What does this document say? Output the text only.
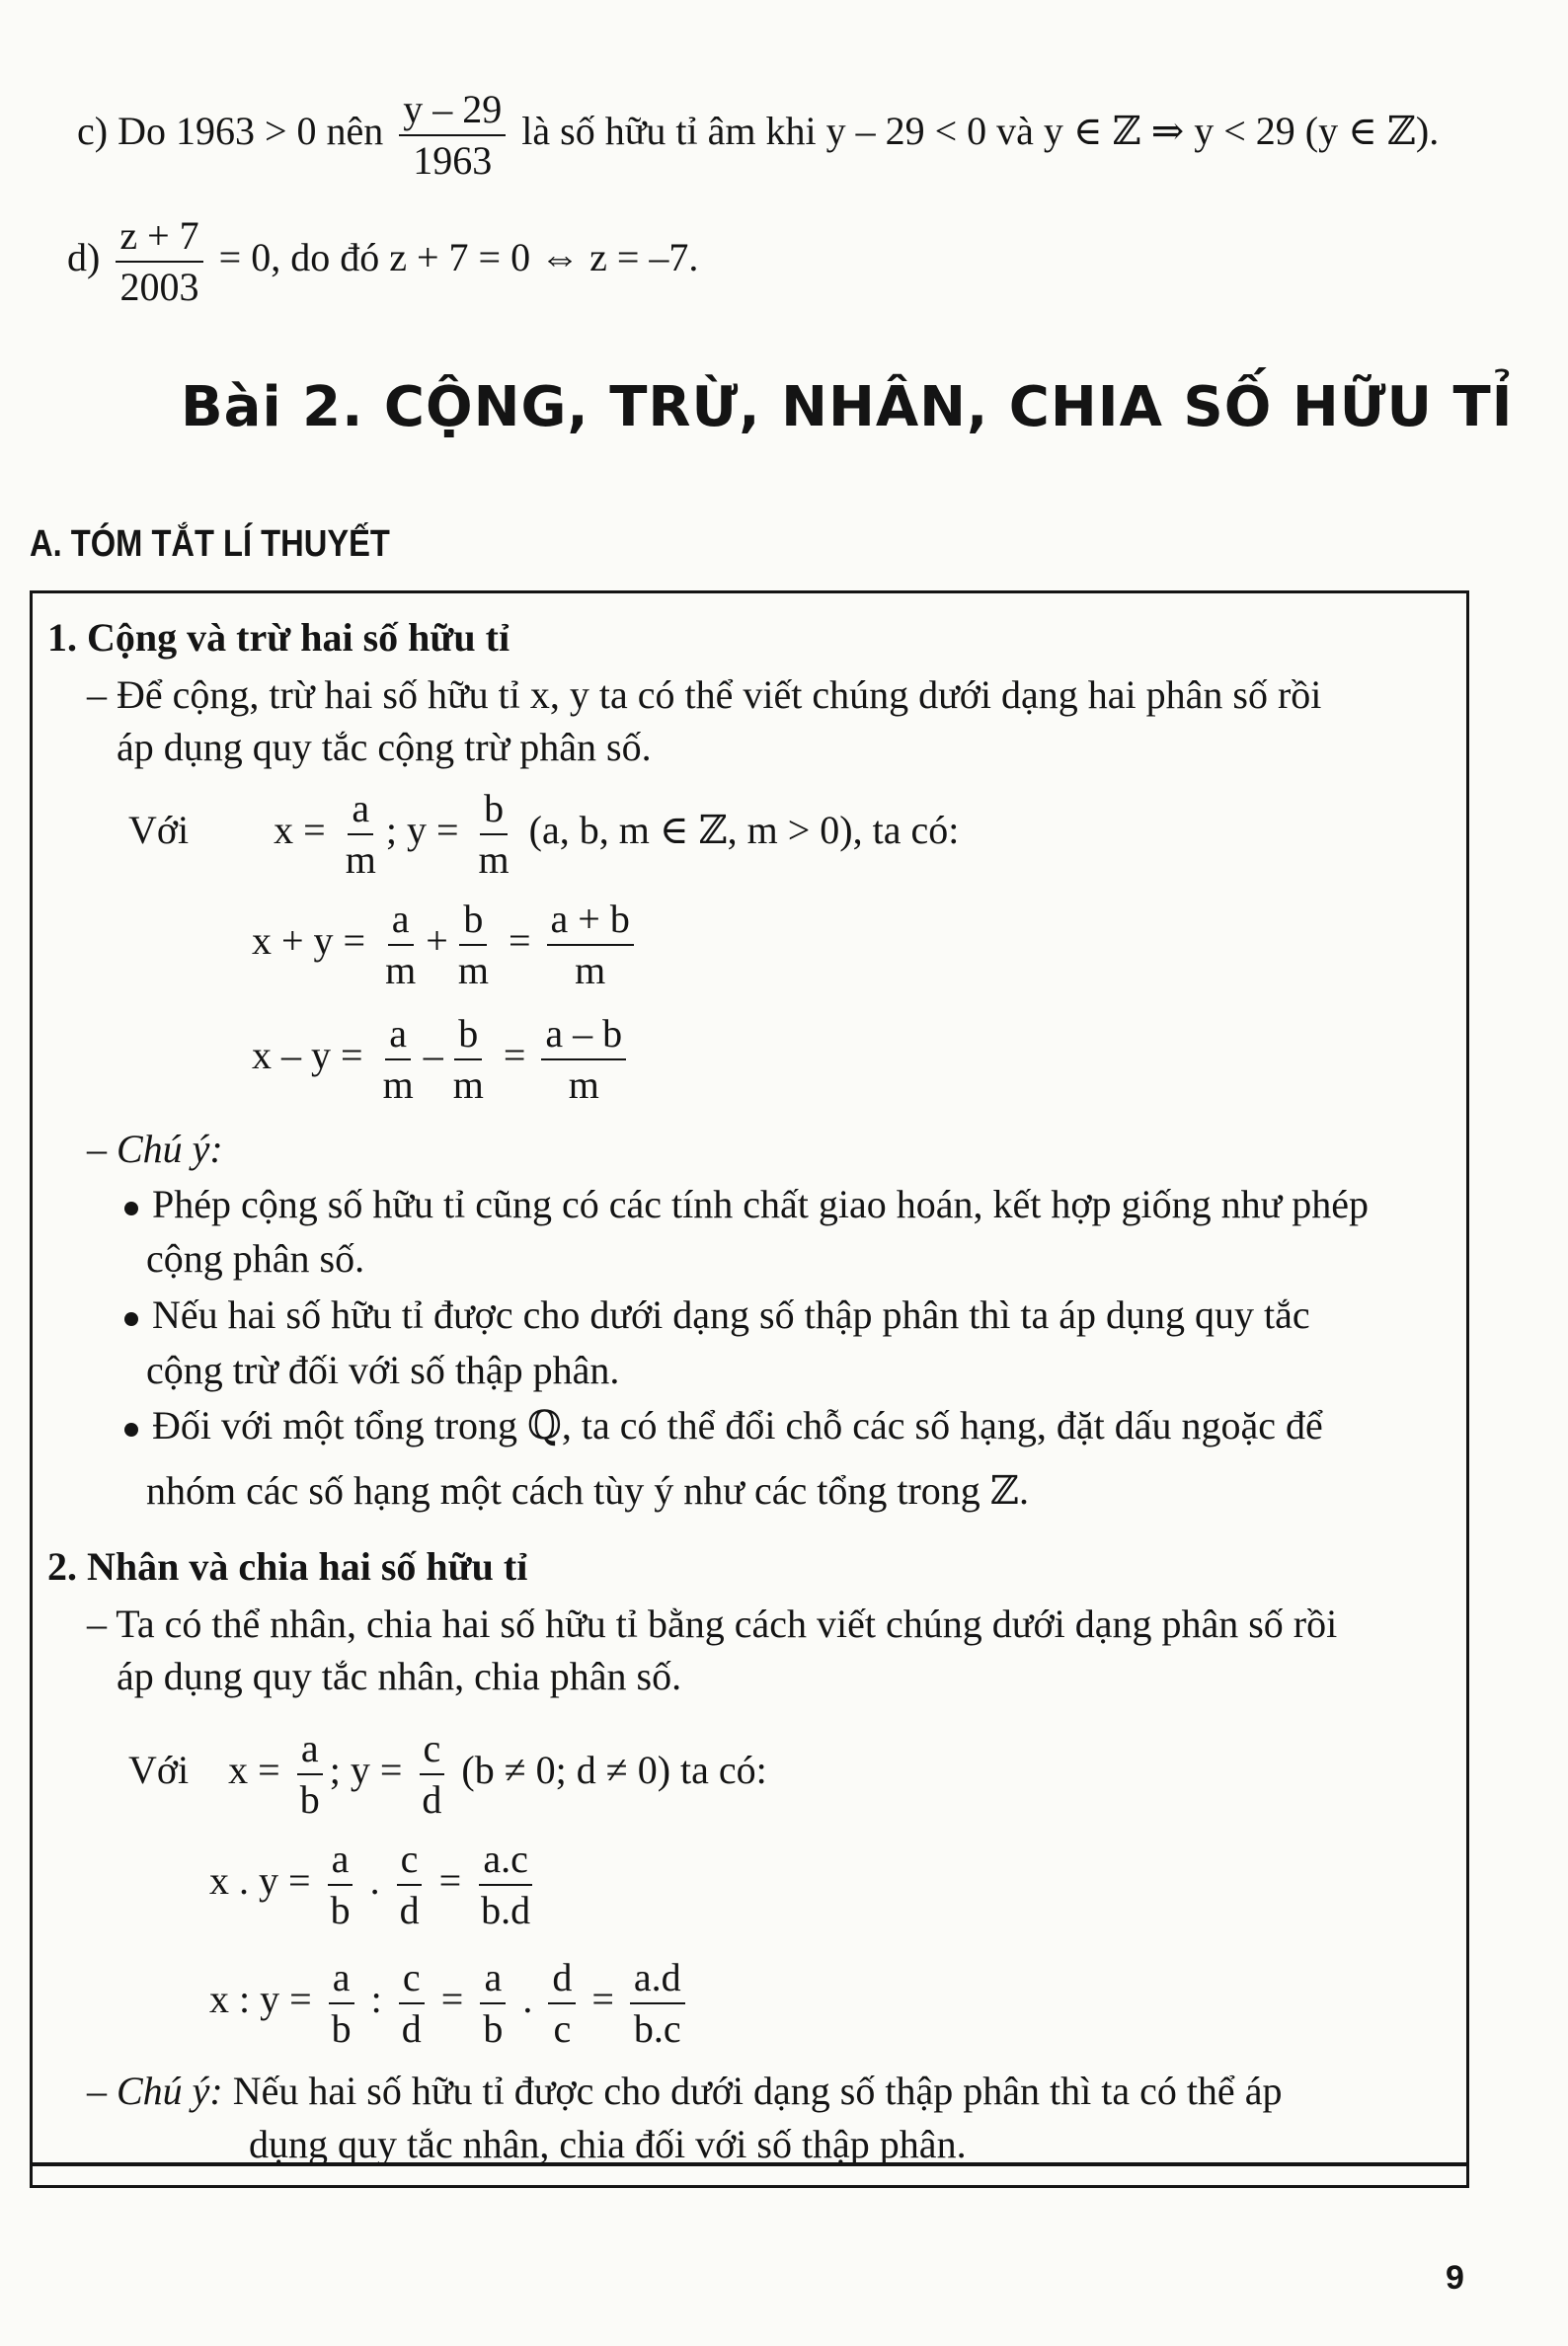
c) Do 1963 > 0 nên $\frac{y - 29}{1963}$ là số hữu tỉ âm khi y – 29 < 0 và y ∈ ℤ ⇒ y < 29 (y ∈ ℤ).
$d) \frac{z + 7}{2003} = 0$, do đó z + 7 = 0 ⇔ z = –7.
Bài 2. CỘNG, TRỪ, NHÂN, CHIA SỐ HỮU TỈ
A. TÓM TẮT LÍ THUYẾT
1. Cộng và trừ hai số hữu tỉ
– Để cộng, trừ hai số hữu tỉ x, y ta có thể viết chúng dưới dạng hai phân số rồi
áp dụng quy tắc cộng trừ phân số.
Với $x = \frac{a}{m}$ ; $y = \frac{b}{m} (a$, b, m ∈ ℤ, m > 0), ta có:
$x + y = \frac{a}{m} + \frac{b}{m} = \frac{a + b}{m}$
$x - y = \frac{a}{m} - \frac{b}{m} = \frac{a - b}{m}$
– Chú ý:
Phép cộng số hữu tỉ cũng có các tính chất giao hoán, kết hợp giống như phép
cộng phân số.
Nếu hai số hữu tỉ được cho dưới dạng số thập phân thì ta áp dụng quy tắc
cộng trừ đối với số thập phân.
Đối với một tổng trong ℚ, ta có thể đổi chỗ các số hạng, đặt dấu ngoặc để
nhóm các số hạng một cách tùy ý như các tổng trong ℤ.
2. Nhân và chia hai số hữu tỉ
– Ta có thể nhân, chia hai số hữu tỉ bằng cách viết chúng dưới dạng phân số rồi
áp dụng quy tắc nhân, chia phân số.
Với $x = \frac{a}{b}$ ; $y = \frac{c}{d} (b \ne 0$; d ≠ 0) ta có:
x . $y = \frac{a}{b}$ . $\frac{c}{d} = \frac{a.c}{b.d}$
x : $y = \frac{a}{b}$ : $\frac{c}{d} = \frac{a}{b}$ . $\frac{d}{c} = \frac{a.d}{b.c}$
– Chú ý: Nếu hai số hữu tỉ được cho dưới dạng số thập phân thì ta có thể áp
dụng quy tắc nhân, chia đối với số thập phân.
9
